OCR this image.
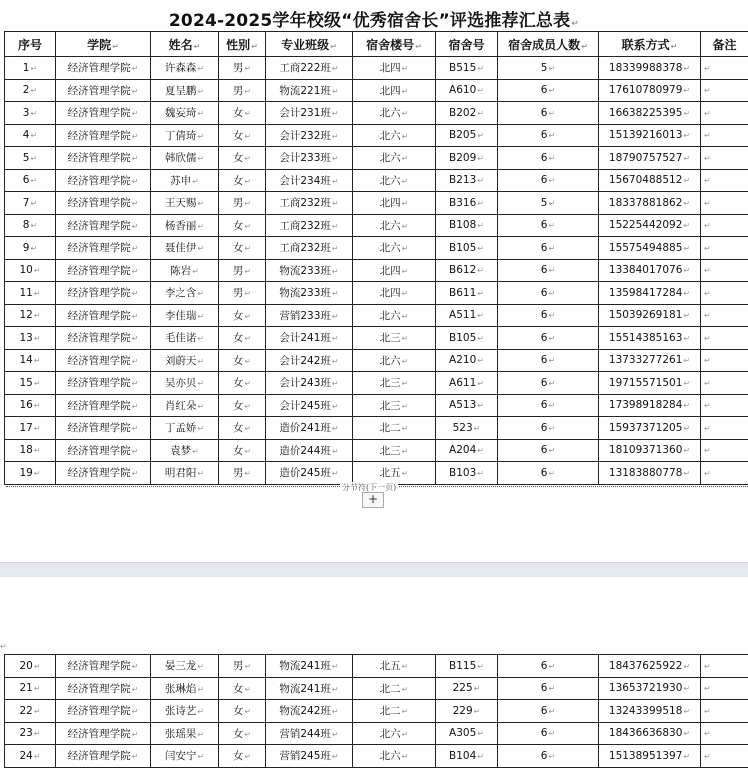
2024-2025学年校级“优秀宿舍长”评选推荐汇总表↵
序号	学院↵	姓名↵	性别↵	专业班级↵	宿舍楼号↵	宿舍号	宿舍成员人数↵	联系方式↵	备注
1↵	经济管理学院↵	许森森↵	男↵	工商222班↵	北四↵	B515↵	5↵	18339988378↵	↵
2↵	经济管理学院↵	夏呈鹏↵	男↵	物流221班↵	北四↵	A610↵	6↵	17610780979↵	↵
3↵	经济管理学院↵	魏妄琦↵	女↵	会计231班↵	北六↵	B202↵	6↵	16638225395↵	↵
4↵	经济管理学院↵	丁倩琦↵	女↵	会计232班↵	北六↵	B205↵	6↵	15139216013↵	↵
5↵	经济管理学院↵	韩欣儒↵	女↵	会计233班↵	北六↵	B209↵	6↵	18790757527↵	↵
6↵	经济管理学院↵	苏申↵	女↵	会计234班↵	北六↵	B213↵	6↵	15670488512↵	↵
7↵	经济管理学院↵	王天赐↵	男↵	工商232班↵	北四↵	B316↵	5↵	18337881862↵	↵
8↵	经济管理学院↵	杨香丽↵	女↵	工商232班↵	北六↵	B108↵	6↵	15225442092↵	↵
9↵	经济管理学院↵	聂佳伊↵	女↵	工商232班↵	北六↵	B105↵	6↵	15575494885↵	↵
10↵	经济管理学院↵	陈岩↵	男↵	物流233班↵	北四↵	B612↵	6↵	13384017076↵	↵
11↵	经济管理学院↵	李之含↵	男↵	物流233班↵	北四↵	B611↵	6↵	13598417284↵	↵
12↵	经济管理学院↵	李佳瑞↵	女↵	营销233班↵	北六↵	A511↵	6↵	15039269181↵	↵
13↵	经济管理学院↵	毛佳诺↵	女↵	会计241班↵	北三↵	B105↵	6↵	15514385163↵	↵
14↵	经济管理学院↵	刘蔚天↵	女↵	会计242班↵	北六↵	A210↵	6↵	13733277261↵	↵
15↵	经济管理学院↵	吴亦贝↵	女↵	会计243班↵	北三↵	A611↵	6↵	19715571501↵	↵
16↵	经济管理学院↵	肖红朵↵	女↵	会计245班↵	北三↵	A513↵	6↵	17398918284↵	↵
17↵	经济管理学院↵	丁孟娇↵	女↵	造价241班↵	北二↵	523↵	6↵	15937371205↵	↵
18↵	经济管理学院↵	袁梦↵	女↵	造价244班↵	北三↵	A204↵	6↵	18109371360↵	↵
19↵	经济管理学院↵	明君阳↵	男↵	造价245班↵	北五↵	B103↵	6↵	13183880778↵	↵
分节符(下一页)
+
↵
20↵	经济管理学院↵	晏三龙↵	男↵	物流241班↵	北五↵	B115↵	6↵	18437625922↵	↵
21↵	经济管理学院↵	张琳焰↵	女↵	物流241班↵	北二↵	225↵	6↵	13653721930↵	↵
22↵	经济管理学院↵	张诗艺↵	女↵	物流242班↵	北二↵	229↵	6↵	13243399518↵	↵
23↵	经济管理学院↵	张瑶果↵	女↵	营销244班↵	北六↵	A305↵	6↵	18436636830↵	↵
24↵	经济管理学院↵	闫安宁↵	女↵	营销245班↵	北六↵	B104↵	6↵	15138951397↵	↵
